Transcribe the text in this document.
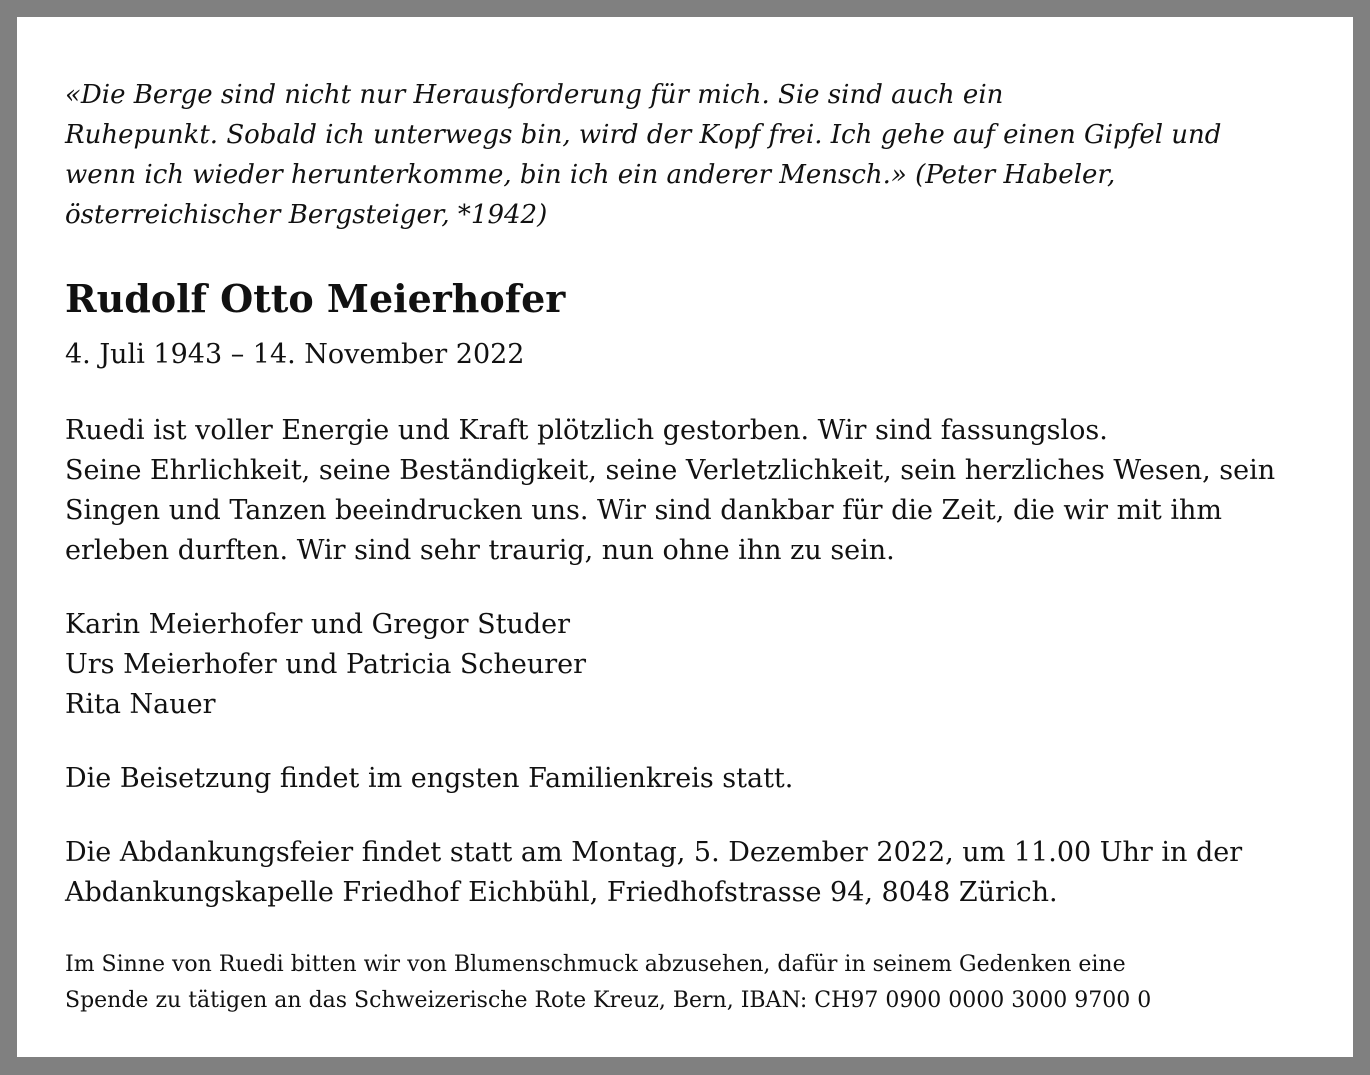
«Die Berge sind nicht nur Herausforderung für mich. Sie sind auch ein
Ruhepunkt. Sobald ich unterwegs bin, wird der Kopf frei. Ich gehe auf einen Gipfel und
wenn ich wieder herunterkomme, bin ich ein anderer Mensch.» (Peter Habeler,
österreichischer Bergsteiger, *1942)

Rudolf Otto Meierhofer

4. Juli 1943 – 14. November 2022

Ruedi ist voller Energie und Kraft plötzlich gestorben. Wir sind fassungslos.
Seine Ehrlichkeit, seine Beständigkeit, seine Verletzlichkeit, sein herzliches Wesen, sein
Singen und Tanzen beeindrucken uns. Wir sind dankbar für die Zeit, die wir mit ihm
erleben durften. Wir sind sehr traurig, nun ohne ihn zu sein.

Karin Meierhofer und Gregor Studer
Urs Meierhofer und Patricia Scheurer
Rita Nauer

Die Beisetzung findet im engsten Familienkreis statt.

Die Abdankungsfeier findet statt am Montag, 5. Dezember 2022, um 11.00 Uhr in der
Abdankungskapelle Friedhof Eichbühl, Friedhofstrasse 94, 8048 Zürich.

Im Sinne von Ruedi bitten wir von Blumenschmuck abzusehen, dafür in seinem Gedenken eine
Spende zu tätigen an das Schweizerische Rote Kreuz, Bern, IBAN: CH97 0900 0000 3000 9700 0
